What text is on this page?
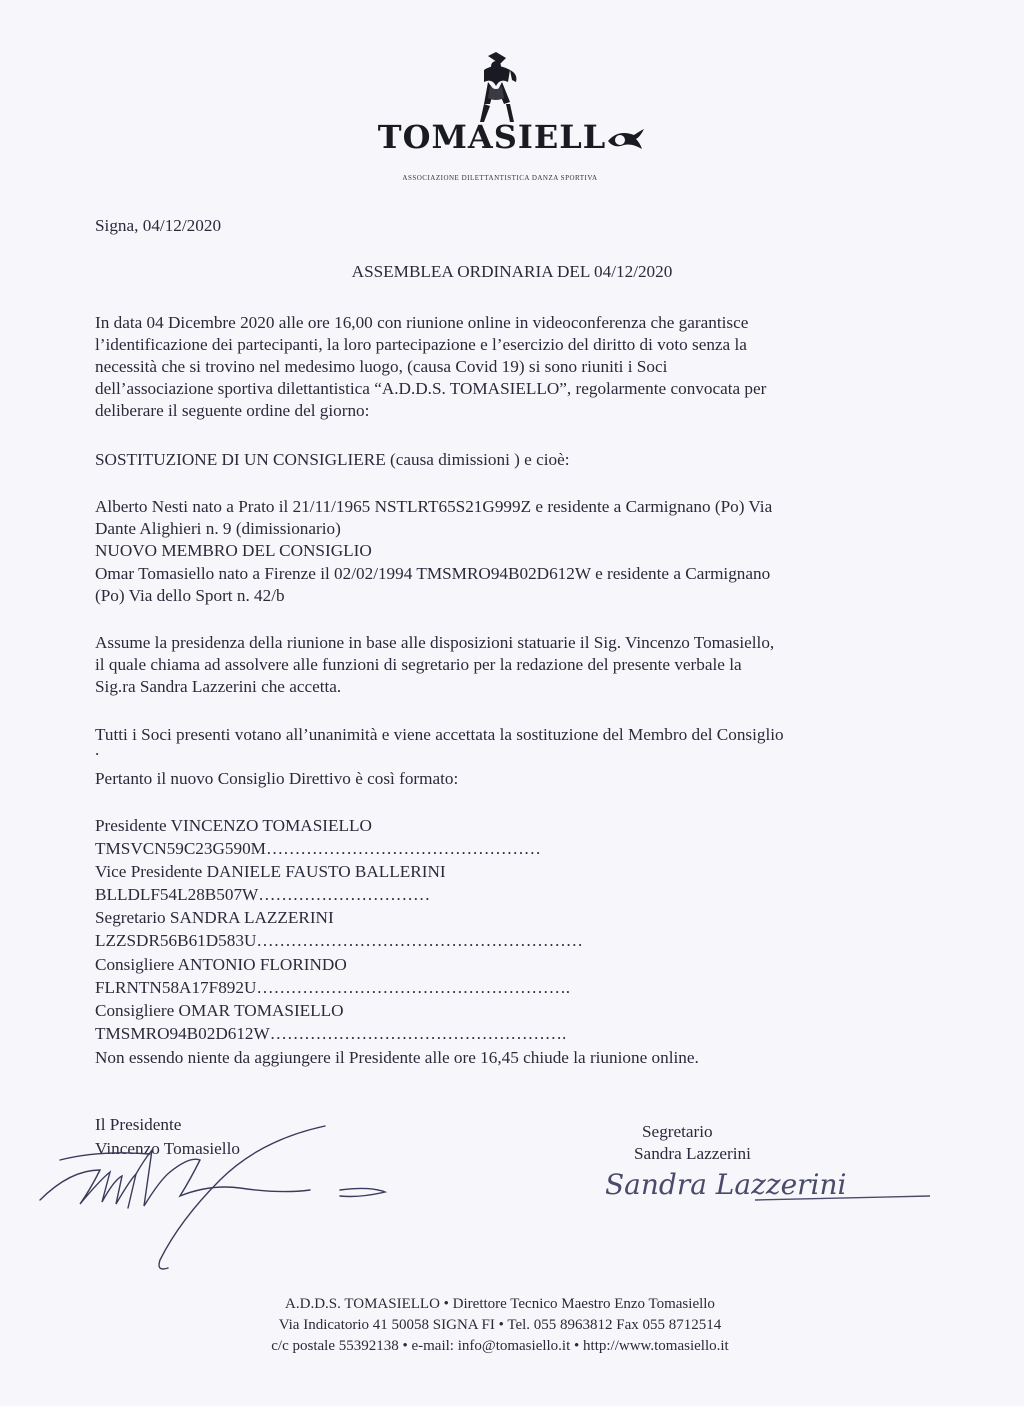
TOMASIELL
ASSOCIAZIONE DILETTANTISTICA DANZA SPORTIVA
Signa, 04/12/2020
ASSEMBLEA ORDINARIA DEL 04/12/2020
In data 04 Dicembre 2020 alle ore 16,00 con riunione online in videoconferenza che garantisce
l’identificazione dei partecipanti, la loro partecipazione e l’esercizio del diritto di voto senza la
necessità che si trovino nel medesimo luogo, (causa Covid 19) si sono riuniti i Soci
dell’associazione sportiva dilettantistica “A.D.D.S. TOMASIELLO”, regolarmente convocata per
deliberare il seguente ordine del giorno:
SOSTITUZIONE DI UN CONSIGLIERE (causa dimissioni ) e cioè:
Alberto Nesti nato a Prato il 21/11/1965 NSTLRT65S21G999Z e residente a Carmignano (Po) Via
Dante Alighieri n. 9 (dimissionario)
NUOVO MEMBRO DEL CONSIGLIO
Omar Tomasiello nato a Firenze il 02/02/1994 TMSMRO94B02D612W e residente a Carmignano
(Po) Via dello Sport n. 42/b
Assume la presidenza della riunione in base alle disposizioni statuarie il Sig. Vincenzo Tomasiello,
il quale chiama ad assolvere alle funzioni di segretario per la redazione del presente verbale la
Sig.ra Sandra Lazzerini che accetta.
Tutti i Soci presenti votano all’unanimità e viene accettata la sostituzione del Membro del Consiglio
.
Pertanto il nuovo Consiglio Direttivo è così formato:
Presidente VINCENZO TOMASIELLO
TMSVCN59C23G590M…………………………………………
Vice Presidente DANIELE FAUSTO BALLERINI
BLLDLF54L28B507W…………………………
Segretario SANDRA LAZZERINI
LZZSDR56B61D583U…………………………………………………
Consigliere ANTONIO FLORINDO
FLRNTN58A17F892U……………………………………………….
Consigliere OMAR TOMASIELLO
TMSMRO94B02D612W…………………………………………….
Non essendo niente da aggiungere il Presidente alle ore 16,45 chiude la riunione online.
Il Presidente
Vincenzo Tomasiello
Segretario
Sandra Lazzerini
Sandra Lazzerini
A.D.D.S. TOMASIELLO • Direttore Tecnico Maestro Enzo Tomasiello
Via Indicatorio 41 50058 SIGNA FI • Tel. 055 8963812 Fax 055 8712514
c/c postale 55392138 • e-mail: info@tomasiello.it • http://www.tomasiello.it
